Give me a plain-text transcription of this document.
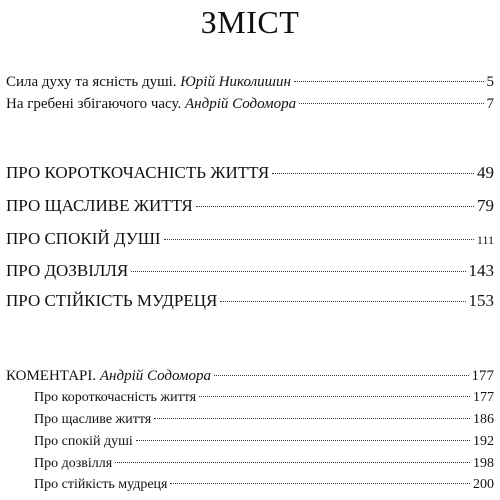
ЗМІСТ
Сила духу та ясність душі. Юрій Николишин	5
На гребені збігаючого часу. Андрій Содомора	7
ПРО КОРОТКОЧАСНІСТЬ ЖИТТЯ	49
ПРО ЩАСЛИВЕ ЖИТТЯ	79
ПРО СПОКІЙ ДУШІ	111
ПРО ДОЗВІЛЛЯ	143
ПРО СТІЙКІСТЬ МУДРЕЦЯ	153
КОМЕНТАРІ. Андрій Содомора	177
Про короткочасність життя	177
Про щасливе життя	186
Про спокій душі	192
Про дозвілля	198
Про стійкість мудреця	200
